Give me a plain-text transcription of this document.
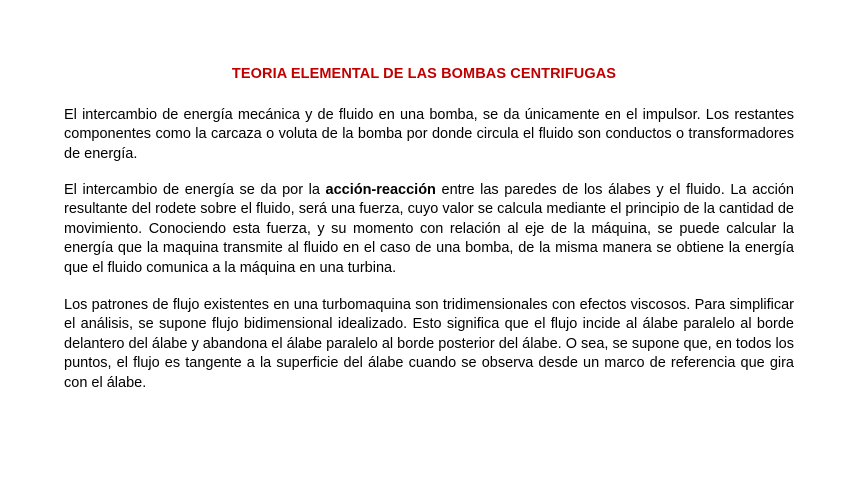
TEORIA ELEMENTAL DE LAS BOMBAS CENTRIFUGAS

El intercambio de energía mecánica y de fluido en una bomba, se da únicamente en el impulsor. Los restantes componentes como la carcaza o voluta de la bomba por donde circula el fluido son conductos o transformadores de energía.

El intercambio de energía se da por la acción-reacción entre las paredes de los álabes y el fluido. La acción resultante del rodete sobre el fluido, será una fuerza, cuyo valor se calcula mediante el principio de la cantidad de movimiento. Conociendo esta fuerza, y su momento con relación al eje de la máquina, se puede calcular la energía que la maquina transmite al fluido en el caso de una bomba, de la misma manera se obtiene la energía que el fluido comunica a la máquina en una turbina.

Los patrones de flujo existentes en una turbomaquina son tridimensionales con efectos viscosos. Para simplificar el análisis, se supone flujo bidimensional idealizado. Esto significa que el flujo incide al álabe paralelo al borde delantero del álabe y abandona el álabe paralelo al borde posterior del álabe. O sea, se supone que, en todos los puntos, el flujo es tangente a la superficie del álabe cuando se observa desde un marco de referencia que gira con el álabe.
